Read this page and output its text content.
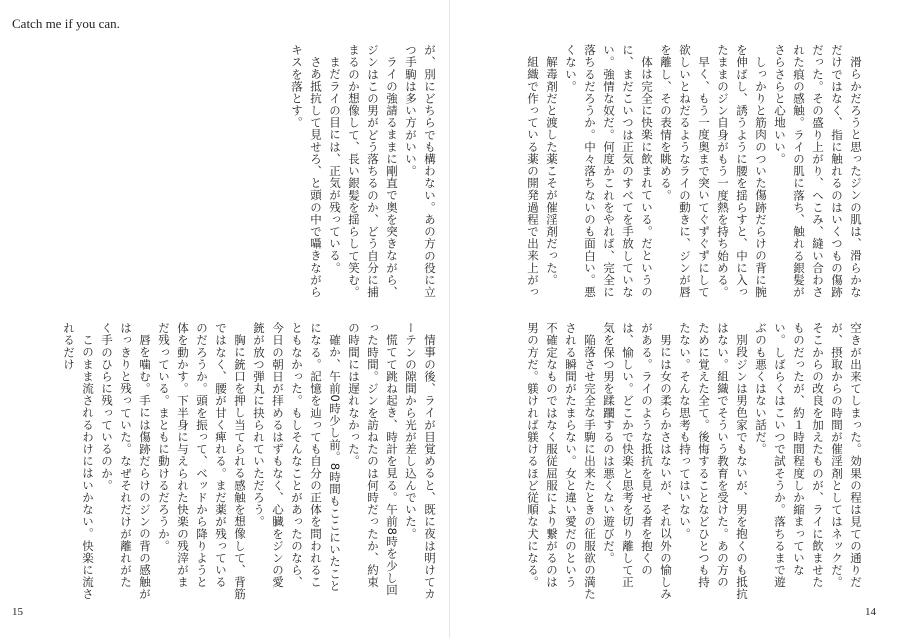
Catch me if you can.

が、別にどちらでも構わない。あの方の役に立つ手駒は多い方がいい。

ライの強請るままに剛直で奥を突きながら、ジンはこの男がどう落ちるのか、どう自分に捕まるのか想像して、長い銀髪を揺らして笑む。

まだライの目には、正気が残っている。

さあ抵抗して見せろ、と頭の中で囁きながらキスを落とす。

情事の後、ライが目覚めると、既に夜は明けてカーテンの隙間から光が差し込んでいた。

慌てて跳ね起き、時計を見る。午前8時を少し回った時間。ジンを訪ねたのは何時だったか、約束の時間には遅れなかった。

確か、午前0時少し前。8時間もここにいたことになる。記憶を辿っても自分の正体を問われることもなかった。もしそんなことがあったのなら、今日の朝日が拝めるはずもなく、心臓をジンの愛銃が放つ弾丸に抉られていただろう。

胸に銃口を押し当てられる感触を想像して、背筋ではなく、腰が甘く痺れる。まだ薬が残っているのだろうか。頭を振って、ベッドから降りようと体を動かす。下半身に与えられた快楽の残滓がまだ残っている。まともに動けるだろうか。

唇を噛む。手には傷跡だらけのジンの背の感触がはっきりと残っていた。なぜそれだけが離れがたく手のひらに残っているのか。

このまま流されるわけにはいかない。快楽に流されるだけ

15

滑らかだろうと思ったジンの肌は、滑らかなだけではなく、指に触れるのはいくつもの傷跡だった。その盛り上がり、へこみ、縫い合わされた痕の感触。ライの肌に落ち、触れる銀髪がさらさらと心地いい。

しっかりと筋肉のついた傷跡だらけの背に腕を伸ばし、誘うように腰を揺らすと、中に入ったままのジン自身がもう一度熱を持ち始める。

早く、もう一度奥まで突いてぐずぐずにして欲しいとねだるようなライの動きに、ジンが唇を離し、その表情を眺める。

体は完全に快楽に飲まれている。だというのに、まだこいつは正気のすべてを手放していない。強情な奴だ。何度かこれをやれば、完全に落ちるだろうか。中々落ちないのも面白い。悪くない。

解毒剤だと渡した薬こそが催淫剤だった。

組織で作っている薬の開発過程で出来上がっ

空きが出来てしまった。効果の程は見ての通りだが、摂取からの時間が催淫剤としてはネックだ。そこからの改良を加えたものが、ライに飲ませたものだったが、約１時間程度しか縮まっていない。しばらくはこいつで試そうか。落ちるまで遊ぶのも悪くはない話だ。

別段ジンは男色家でもないが、男を抱くのも抵抗はない。組織でそういう教育を受けた。あの方のために覚えた全て。後悔することなどひとつも持たない。そんな思考も持ってはいない。

男には女の柔らかさはないが、それ以外の愉しみがある。ライのような抵抗を見せる者を抱くのは、愉しい。どこかで快楽と思考を切り離して正気を保つ男を蹂躙するのは悪くない遊びだ。

陥落させ完全な手駒に出来たときの征服欲の満たされる瞬間がたまらない。女と違い愛だのという不確定なものではなく服従屈服により繋がるのは男の方だ。躾ければ躾けるほど従順な犬になる。

14
